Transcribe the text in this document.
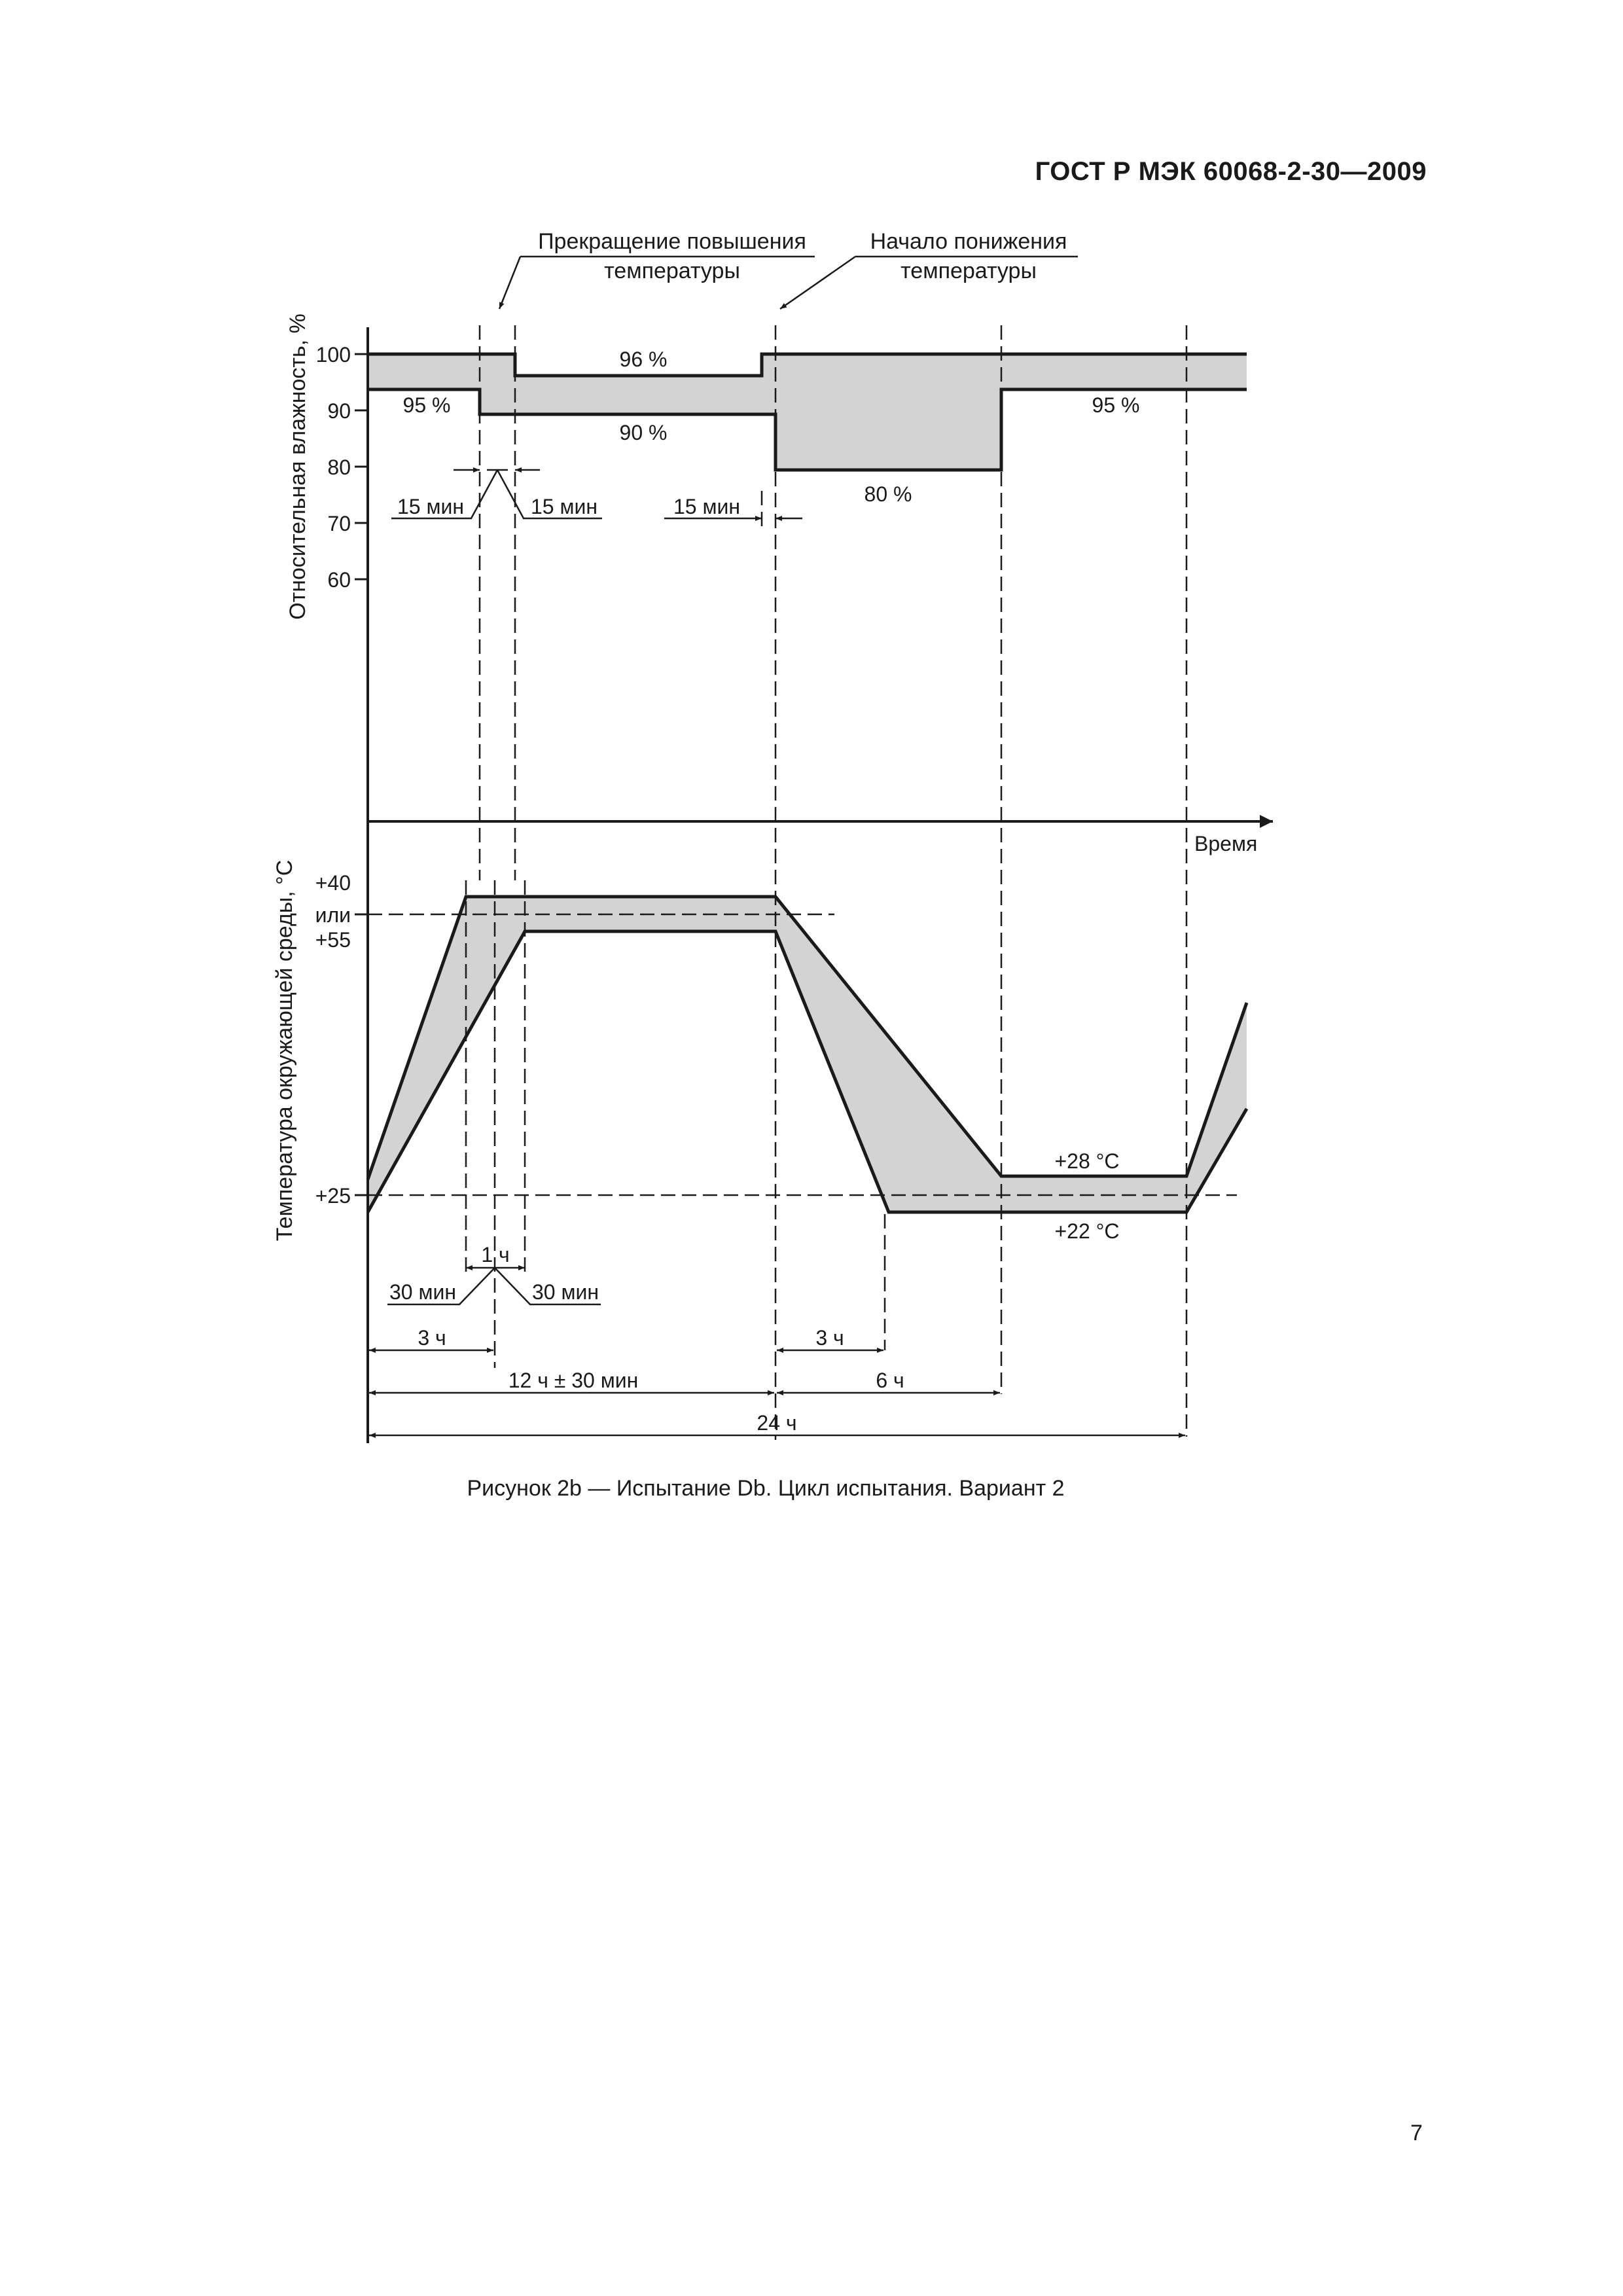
ГОСТ Р МЭК 60068-2-30—2009
100
90
80
70
60
Относительная влажность, %
+40
или
+55
+25
Температура окружающей среды, °C
Время
95 %
96 %
90 %
80 %
95 %
+28 °C
+22 °C
Прекращение повышения
температуры
Начало понижения
температуры
15 мин	15 мин	15 мин
1 ч
30 мин	30 мин
3 ч	3 ч
12 ч ± 30 мин	6 ч
24 ч
Рисунок 2b — Испытание Db. Цикл испытания. Вариант 2
7
